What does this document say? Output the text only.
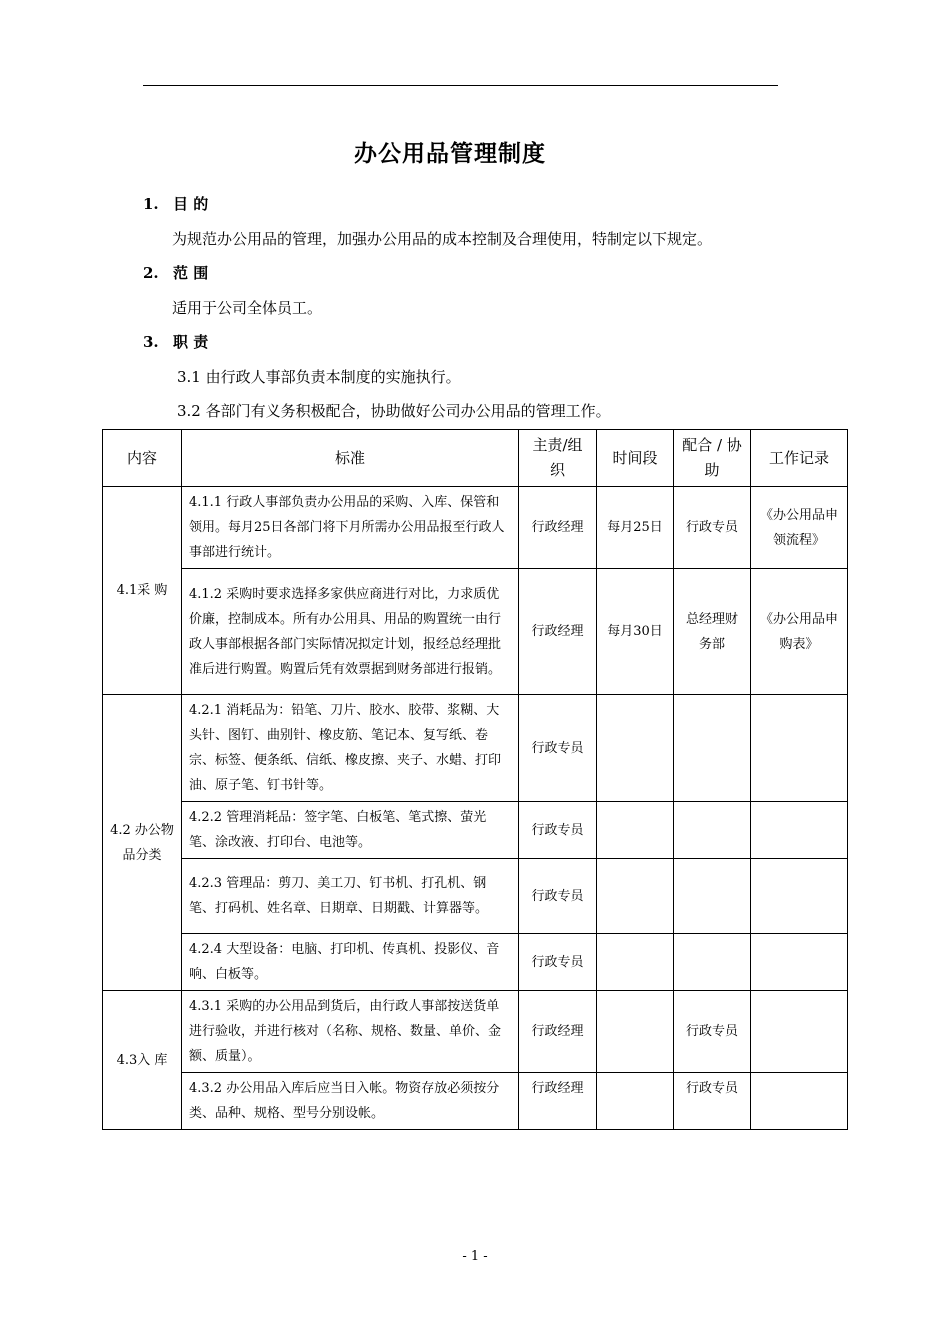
办公用品管理制度
1. 目 的
为规范办公用品的管理，加强办公用品的成本控制及合理使用，特制定以下规定。
2. 范 围
适用于公司全体员工。
3. 职 责
3.1 由行政人事部负责本制度的实施执行。
3.2 各部门有义务积极配合，协助做好公司办公用品的管理工作。
内容	标准	主责/组织	时间段	配合 / 协助	工作记录
4.1采 购	4.1.1 行政人事部负责办公用品的采购、入库、保管和领用。每月25日各部门将下月所需办公用品报至行政人事部进行统计。	行政经理	每月25日	行政专员	《办公用品申领流程》
	4.1.2 采购时要求选择多家供应商进行对比，力求质优价廉，控制成本。所有办公用具、用品的购置统一由行政人事部根据各部门实际情况拟定计划，报经总经理批准后进行购置。购置后凭有效票据到财务部进行报销。	行政经理	每月30日	总经理财务部	《办公用品申购表》
4.2 办公物品分类	4.2.1 消耗品为：铅笔、刀片、胶水、胶带、浆糊、大头针、图钉、曲别针、橡皮筋、笔记本、复写纸、卷宗、标签、便条纸、信纸、橡皮擦、夹子、水蜡、打印油、原子笔、钉书针等。	行政专员			
	4.2.2 管理消耗品：签字笔、白板笔、笔式擦、萤光笔、涂改液、打印台、电池等。	行政专员			
	4.2.3 管理品：剪刀、美工刀、钉书机、打孔机、钢笔、打码机、姓名章、日期章、日期戳、计算器等。	行政专员			
	4.2.4 大型设备：电脑、打印机、传真机、投影仪、音响、白板等。	行政专员			
4.3入 库	4.3.1 采购的办公用品到货后，由行政人事部按送货单进行验收，并进行核对（名称、规格、数量、单价、金额、质量）。	行政经理		行政专员	
	4.3.2 办公用品入库后应当日入帐。物资存放必须按分类、品种、规格、型号分别设帐。	行政经理		行政专员	
- 1 -
